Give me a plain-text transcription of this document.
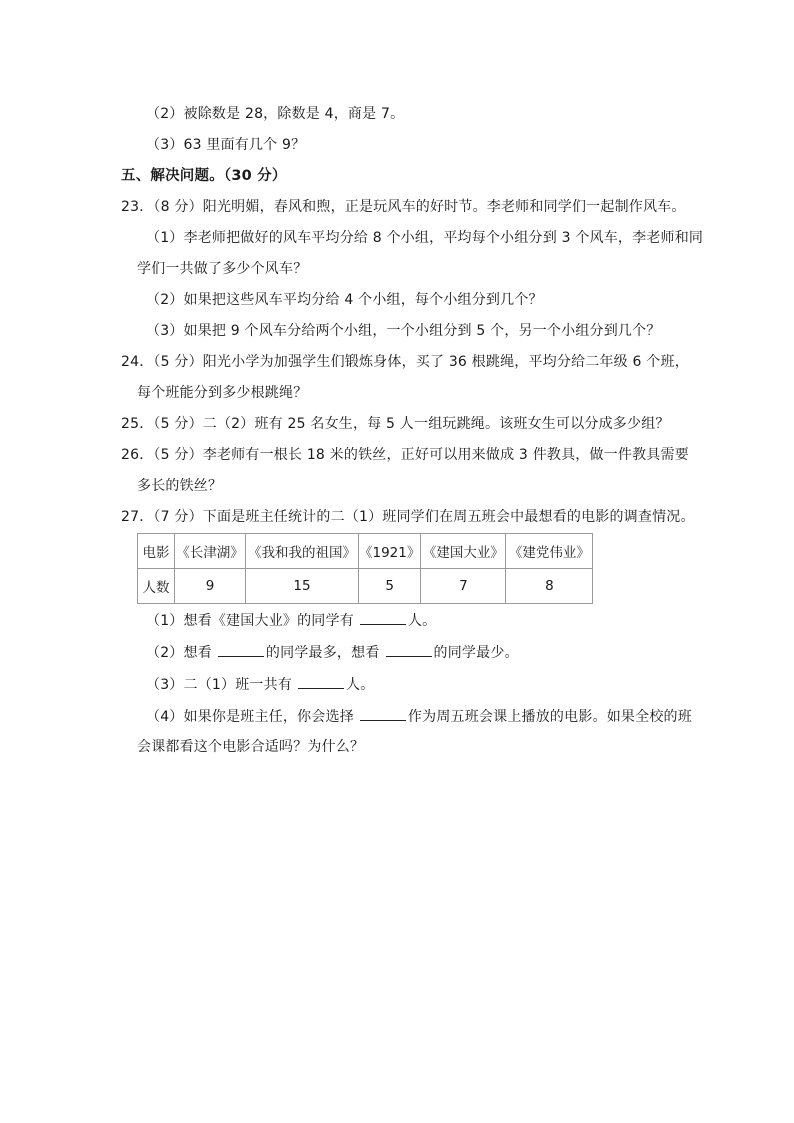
（2）被除数是 28，除数是 4，商是 7。
（3）63 里面有几个 9？
五、解决问题。（30 分）
23．（8 分）阳光明媚，春风和煦，正是玩风车的好时节。李老师和同学们一起制作风车。
（1）李老师把做好的风车平均分给 8 个小组，平均每个小组分到 3 个风车，李老师和同
学们一共做了多少个风车？
（2）如果把这些风车平均分给 4 个小组，每个小组分到几个？
（3）如果把 9 个风车分给两个小组，一个小组分到 5 个，另一个小组分到几个？
24．（5 分）阳光小学为加强学生们锻炼身体，买了 36 根跳绳，平均分给二年级 6 个班，
每个班能分到多少根跳绳？
25．（5 分）二（2）班有 25 名女生，每 5 人一组玩跳绳。该班女生可以分成多少组？
26．（5 分）李老师有一根长 18 米的铁丝，正好可以用来做成 3 件教具，做一件教具需要
多长的铁丝？
27．（7 分）下面是班主任统计的二（1）班同学们在周五班会中最想看的电影的调查情况。
电影	《长津湖》	《我和我的祖国》	《1921》	《建国大业》	《建党伟业》
人数	9	15	5	7	8
（1）想看《建国大业》的同学有	人。
（2）想看	的同学最多，想看	的同学最少。
（3）二（1）班一共有	人。
（4）如果你是班主任，你会选择	作为周五班会课上播放的电影。如果全校的班
会课都看这个电影合适吗？为什么？
